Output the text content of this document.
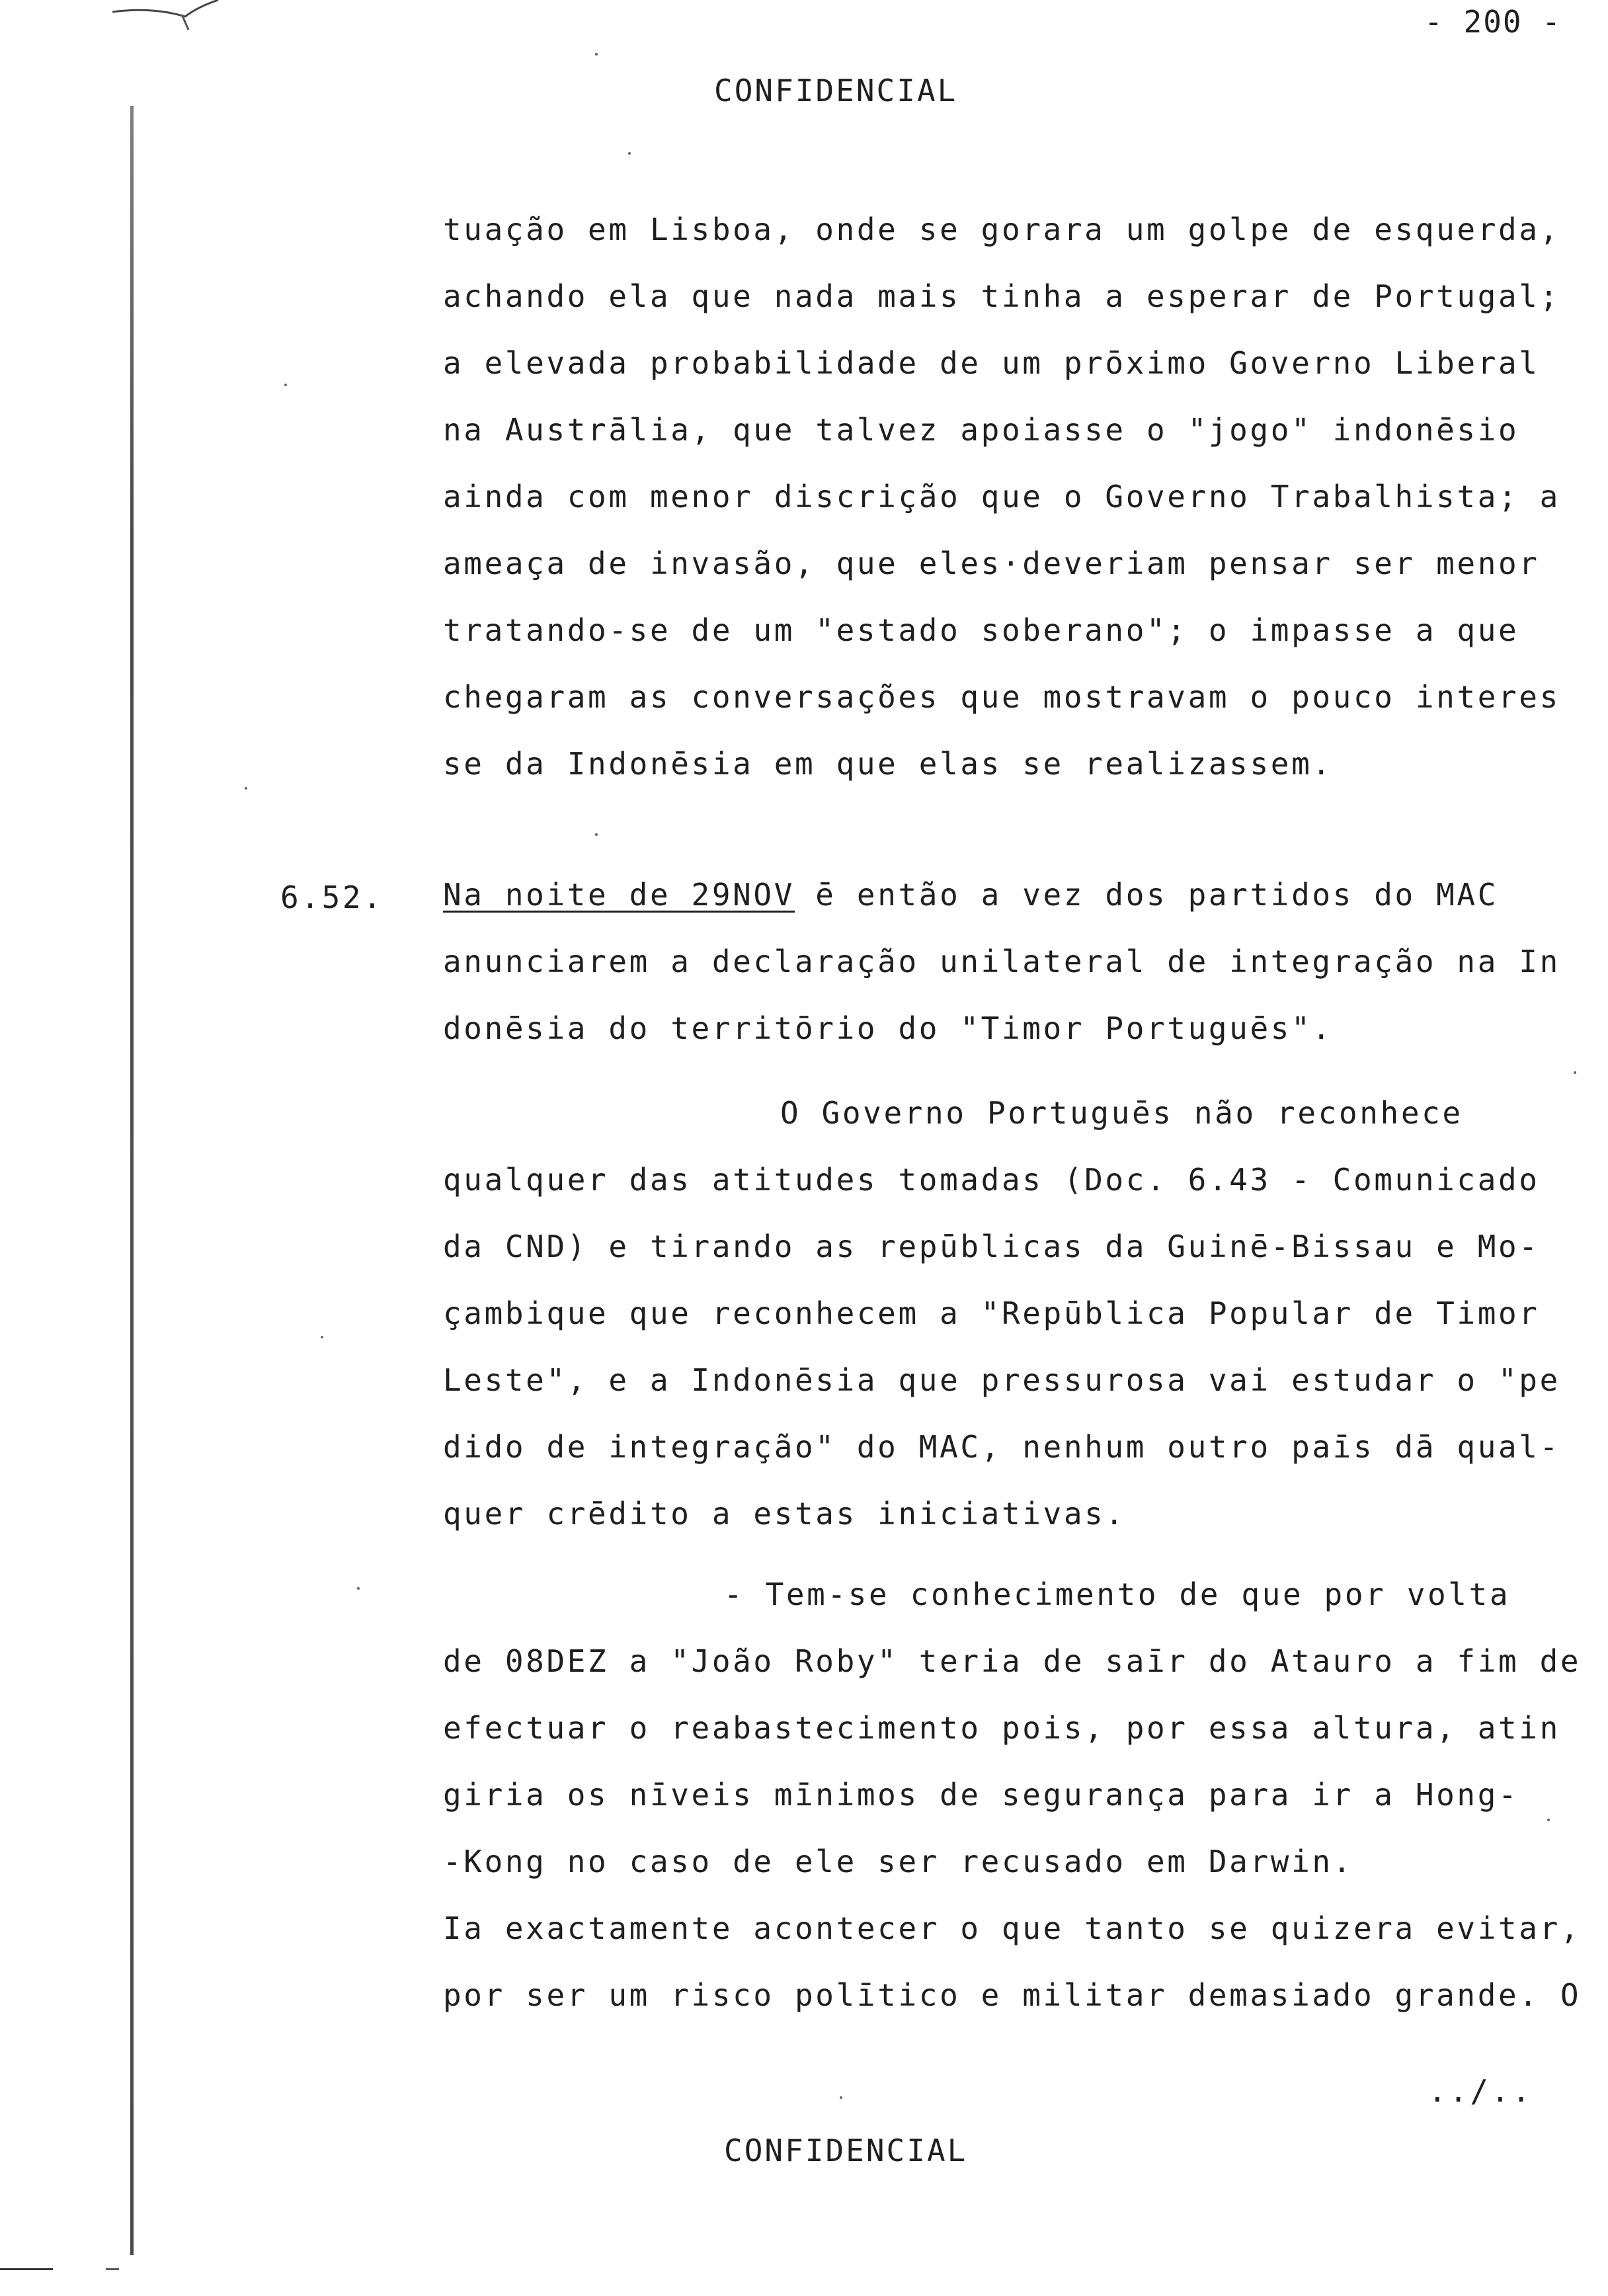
- 200 -
CONFIDENCIAL
tuação em Lisboa, onde se gorara um golpe de esquerda,
achando ela que nada mais tinha a esperar de Portugal;
a elevada probabilidade de um prōximo Governo Liberal
na Austrālia, que talvez apoiasse o "jogo" indonēsio
ainda com menor discrição que o Governo Trabalhista; a
ameaça de invasão, que eles·deveriam pensar ser menor
tratando-se de um "estado soberano"; o impasse a que
chegaram as conversações que mostravam o pouco interes
se da Indonēsia em que elas se realizassem.
6.52. Na noite de 29NOV ē então a vez dos partidos do MAC
anunciarem a declaração unilateral de integração na In
donēsia do territōrio do "Timor Portuguēs".
O Governo Portuguēs não reconhece
qualquer das atitudes tomadas (Doc. 6.43 - Comunicado
da CND) e tirando as repūblicas da Guinē-Bissau e Mo-
çambique que reconhecem a "Repūblica Popular de Timor
Leste", e a Indonēsia que pressurosa vai estudar o "pe
dido de integração" do MAC, nenhum outro paīs dā qual-
quer crēdito a estas iniciativas.
- Tem-se conhecimento de que por volta
de 08DEZ a "João Roby" teria de saīr do Atauro a fim de
efectuar o reabastecimento pois, por essa altura, atin
giria os nīveis mīnimos de segurança para ir a Hong-
-Kong no caso de ele ser recusado em Darwin.
Ia exactamente acontecer o que tanto se quizera evitar,
por ser um risco polītico e militar demasiado grande. O
../..
CONFIDENCIAL
